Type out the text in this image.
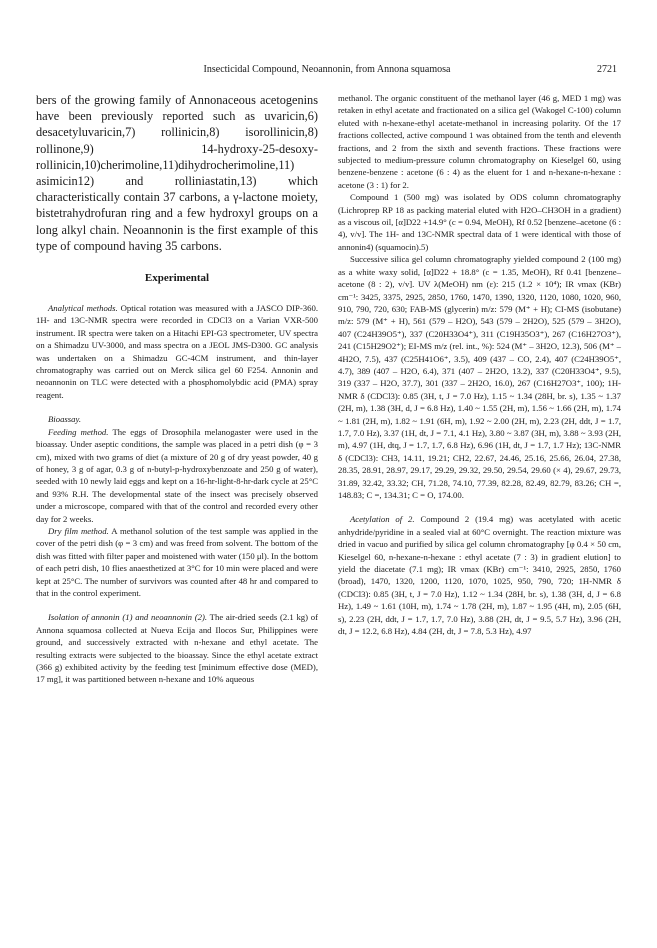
Insecticidal Compound, Neoannonin, from Annona squamosa	2721

bers of the growing family of Annonaceous acetogenins have been previously reported such as uvaricin,6) desacetyluvaricin,7) rollinicin,8) isorollinicin,8) rollinone,9) 14-hydroxy-25-desoxy-rollinicin,10)cherimoline,11)dihydrocherimoline,11) asimicin12) and rolliniastatin,13) which characteristically contain 37 carbons, a γ-lactone moiety, bistetrahydrofuran ring and a few hydroxyl groups on a long alkyl chain. Neoannonin is the first example of this type of compound having 35 carbons.

Experimental

Analytical methods. Optical rotation was measured with a JASCO DIP-360. 1H- and 13C-NMR spectra were recorded in CDCl3 on a Varian VXR-500 instrument. IR spectra were taken on a Hitachi EPI-G3 spectrometer, UV spectra on a Shimadzu UV-3000, and mass spectra on a JEOL JMS-D300. GC analysis was undertaken on a Shimadzu GC-4CM instrument, and thin-layer chromatography was carried out on Merck silica gel 60 F254. Annonin and neoannonin on TLC were detected with a phosphomolybdic acid (PMA) spray reagent.

Bioassay.

Feeding method. The eggs of Drosophila melanogaster were used in the bioassay. Under aseptic conditions, the sample was placed in a petri dish (φ = 3 cm), mixed with two grams of diet (a mixture of 20 g of dry yeast powder, 40 g of honey, 3 g of agar, 0.3 g of n-butyl-p-hydroxybenzoate and 250 g of water), seeded with 10 newly laid eggs and kept on a 16-hr-light-8-hr-dark cycle at 25°C and 93% R.H. The developmental state of the insect was precisely observed under a microscope, compared with that of the control and recorded every other day for 2 weeks.

Dry film method. A methanol solution of the test sample was applied in the cover of the petri dish (φ = 3 cm) and was freed from solvent. The bottom of the dish was fitted with filter paper and moistened with water (150 μl). In the bottom of each petri dish, 10 flies anaesthetized at 3°C for 10 min were placed and were kept at 25°C. The number of survivors was counted after 48 hr and compared to that in the control experiment.

Isolation of annonin (1) and neoannonin (2). The air-dried seeds (2.1 kg) of Annona squamosa collected at Nueva Ecija and Ilocos Sur, Philippines were ground, and successively extracted with n-hexane and ethyl acetate. The resulting extracts were subjected to the bioassay. Since the ethyl acetate extract (366 g) exhibited activity by the feeding test [minimum effective dose (MED), 17 mg], it was partitioned between n-hexane and 10% aqueous

methanol. The organic constituent of the methanol layer (46 g, MED 1 mg) was retaken in ethyl acetate and fractionated on a silica gel (Wakogel C-100) column eluted with n-hexane-ethyl acetate-methanol in increasing polarity. Of the 17 fractions collected, active compound 1 was obtained from the tenth and eleventh fractions, and 2 from the sixth and seventh fractions. These fractions were subjected to medium-pressure column chromatography on Kieselgel 60, using benzene-benzene : acetone (6 : 4) as the eluent for 1 and n-hexane-n-hexane : acetone (3 : 1) for 2.

Compound 1 (500 mg) was isolated by ODS column chromatography (Lichroprep RP 18 as packing material eluted with H2O–CH3OH in a gradient) as a viscous oil, [α]D22 +14.9° (c = 0.94, MeOH), Rf 0.52 [benzene–acetone (6 : 4), v/v]. The 1H- and 13C-NMR spectral data of 1 were identical with those of annonin4) (squamocin).5)

Successive silica gel column chromatography yielded compound 2 (100 mg) as a white waxy solid, [α]D22 + 18.8° (c = 1.35, MeOH), Rf 0.41 [benzene–acetone (8 : 2), v/v]. UV λ(MeOH) nm (ε): 215 (1.2 × 10⁴); IR νmax (KBr) cm⁻¹: 3425, 3375, 2925, 2850, 1760, 1470, 1390, 1320, 1120, 1080, 1020, 960, 910, 790, 720, 630; FAB-MS (glycerin) m/z: 579 (M⁺ + H); CI-MS (isobutane) m/z: 579 (M⁺ + H), 561 (579 – H2O), 543 (579 – 2H2O), 525 (579 – 3H2O), 407 (C24H39O5⁺), 337 (C20H33O4⁺), 311 (C19H35O3⁺), 267 (C16H27O3⁺), 241 (C15H29O2⁺); EI-MS m/z (rel. int., %): 524 (M⁺ – 3H2O, 12.3), 506 (M⁺ – 4H2O, 7.5), 437 (C25H41O6⁺, 3.5), 409 (437 – CO, 2.4), 407 (C24H39O5⁺, 4.7), 389 (407 – H2O, 6.4), 371 (407 – 2H2O, 13.2), 337 (C20H33O4⁺, 9.5), 319 (337 – H2O, 37.7), 301 (337 – 2H2O, 16.0), 267 (C16H27O3⁺, 100); 1H-NMR δ (CDCl3): 0.85 (3H, t, J = 7.0 Hz), 1.15 ~ 1.34 (28H, br. s), 1.35 ~ 1.37 (2H, m), 1.38 (3H, d, J = 6.8 Hz), 1.40 ~ 1.55 (2H, m), 1.56 ~ 1.66 (2H, m), 1.74 ~ 1.81 (2H, m), 1.82 ~ 1.91 (6H, m), 1.92 ~ 2.00 (2H, m), 2.23 (2H, ddt, J = 1.7, 1.7, 7.0 Hz), 3.37 (1H, dt, J = 7.1, 4.1 Hz), 3.80 ~ 3.87 (3H, m), 3.88 ~ 3.93 (2H, m), 4.97 (1H, dtq, J = 1.7, 1.7, 6.8 Hz), 6.96 (1H, dt, J = 1.7, 1.7 Hz); 13C-NMR δ (CDCl3): CH3, 14.11, 19.21; CH2, 22.67, 24.46, 25.16, 25.66, 26.04, 27.38, 28.35, 28.91, 28.97, 29.17, 29.29, 29.32, 29.50, 29.54, 29.60 (× 4), 29.67, 29.73, 31.89, 32.42, 33.32; CH, 71.28, 74.10, 77.39, 82.28, 82.49, 82.79, 83.26; CH =, 148.83; C =, 134.31; C = O, 174.00.

Acetylation of 2. Compound 2 (19.4 mg) was acetylated with acetic anhydride/pyridine in a sealed vial at 60°C overnight. The reaction mixture was dried in vacuo and purified by silica gel column chromatography [φ 0.4 × 50 cm, Kieselgel 60, n-hexane-n-hexane : ethyl acetate (7 : 3) in gradient elution] to yield the diacetate (7.1 mg); IR νmax (KBr) cm⁻¹: 3410, 2925, 2850, 1760 (broad), 1470, 1320, 1200, 1120, 1070, 1025, 950, 790, 720; 1H-NMR δ (CDCl3): 0.85 (3H, t, J = 7.0 Hz), 1.12 ~ 1.34 (28H, br. s), 1.38 (3H, d, J = 6.8 Hz), 1.49 ~ 1.61 (10H, m), 1.74 ~ 1.78 (2H, m), 1.87 ~ 1.95 (4H, m), 2.05 (6H, s), 2.23 (2H, ddt, J = 1.7, 1.7, 7.0 Hz), 3.88 (2H, dt, J = 9.5, 5.7 Hz), 3.96 (2H, dt, J = 12.2, 6.8 Hz), 4.84 (2H, dt, J = 7.8, 5.3 Hz), 4.97
